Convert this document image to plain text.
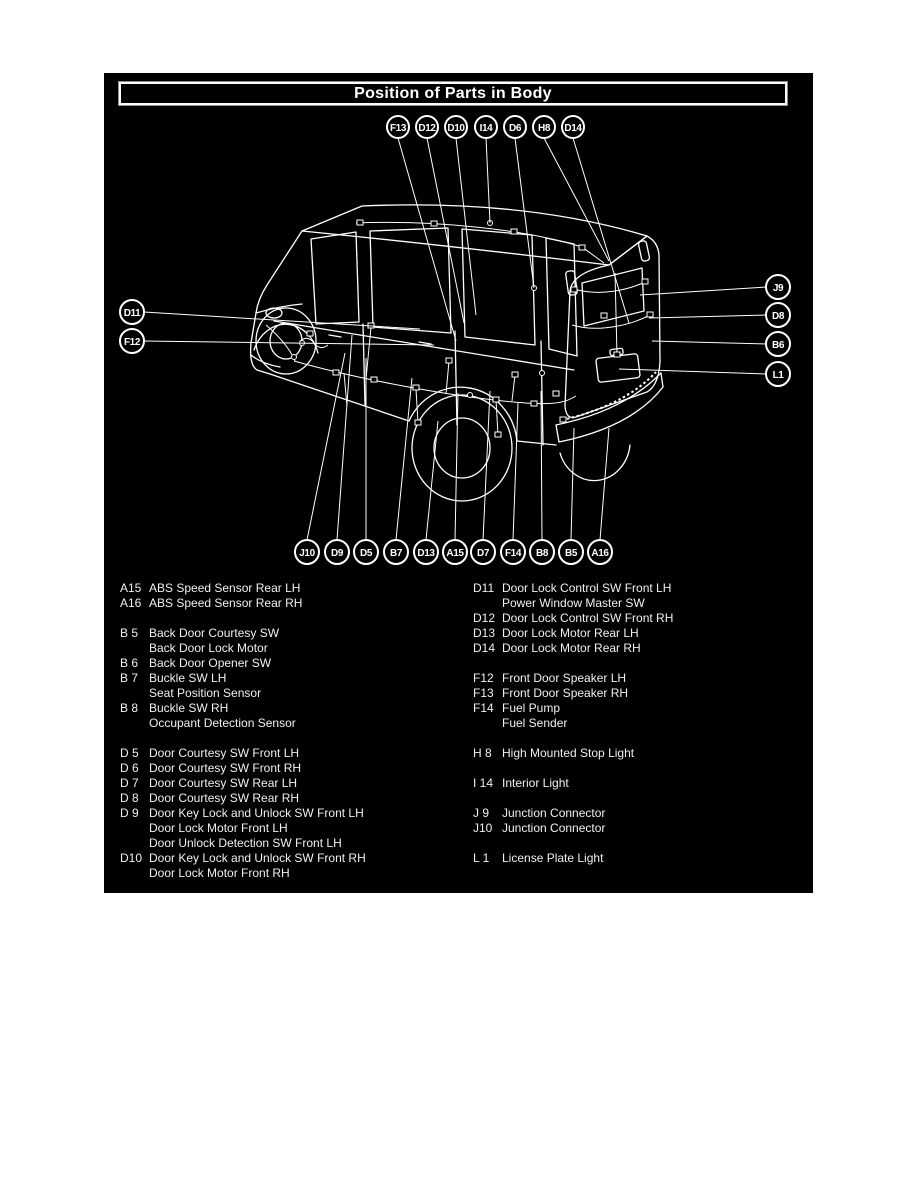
Position of Parts in Body
F13 D12 D10 I14 D6 H8 D14
D11
F12
J9
D8
B6
L1
J10 D9 D5 B7 D13 A15 D7 F14 B8 B5 A16
A15 ABS Speed Sensor Rear LH
A16 ABS Speed Sensor Rear RH
B 5 Back Door Courtesy SW
Back Door Lock Motor
B 6 Back Door Opener SW
B 7 Buckle SW LH
Seat Position Sensor
B 8 Buckle SW RH
Occupant Detection Sensor
D 5 Door Courtesy SW Front LH
D 6 Door Courtesy SW Front RH
D 7 Door Courtesy SW Rear LH
D 8 Door Courtesy SW Rear RH
D 9 Door Key Lock and Unlock SW Front LH
Door Lock Motor Front LH
Door Unlock Detection SW Front LH
D10 Door Key Lock and Unlock SW Front RH
Door Lock Motor Front RH
D11 Door Lock Control SW Front LH
Power Window Master SW
D12 Door Lock Control SW Front RH
D13 Door Lock Motor Rear LH
D14 Door Lock Motor Rear RH
F12 Front Door Speaker LH
F13 Front Door Speaker RH
F14 Fuel Pump
Fuel Sender
H 8 High Mounted Stop Light
I 14 Interior Light
J 9	Junction Connector
J10 Junction Connector
L 1	License Plate Light
